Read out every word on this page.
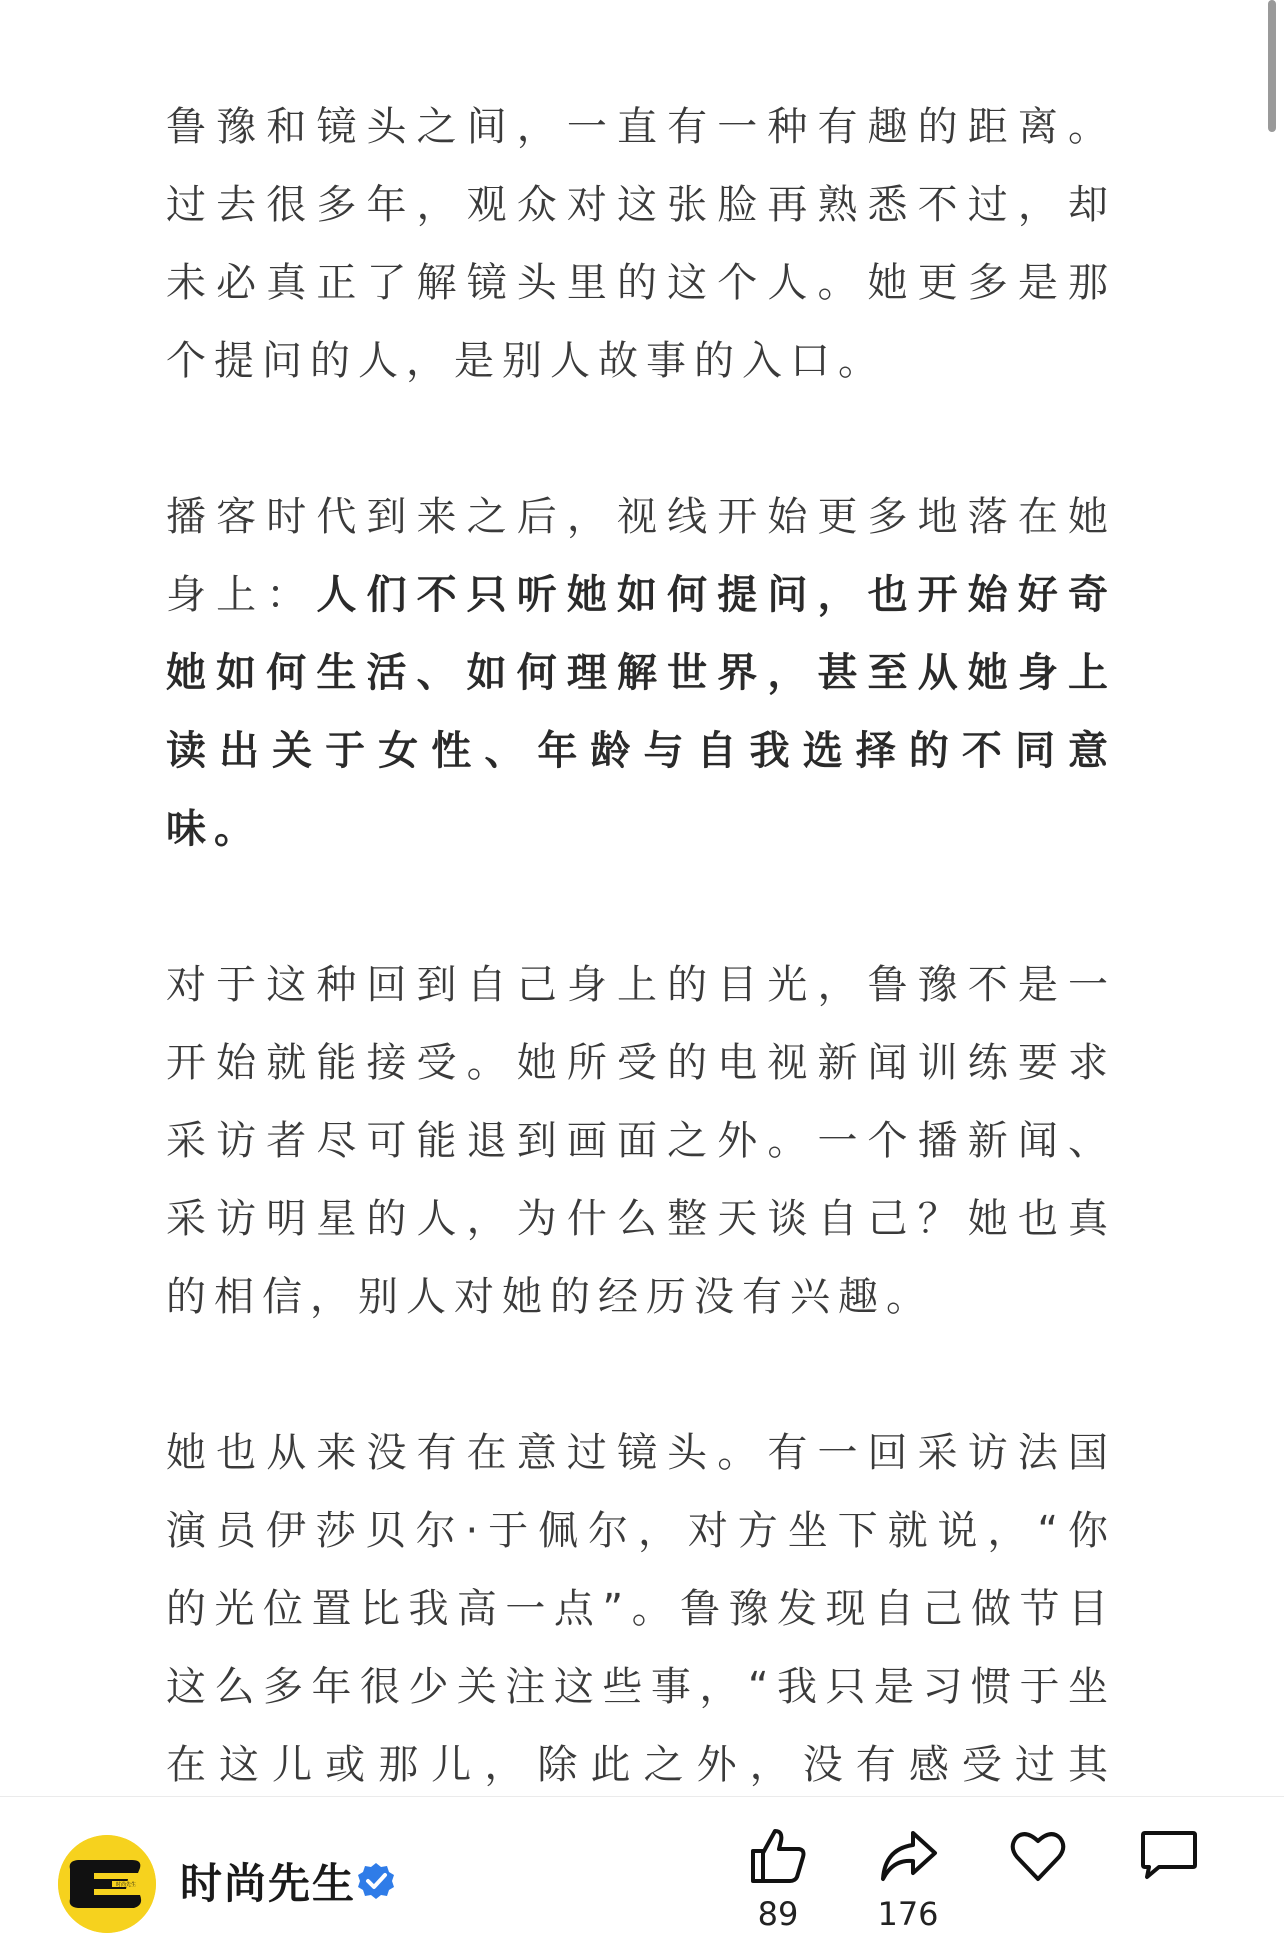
鲁豫和镜头之间，一直有一种有趣的距离。过去很多年，观众对这张脸再熟悉不过，却未必真正了解镜头里的这个人。她更多是那个提问的人，是别人故事的入口。

播客时代到来之后，视线开始更多地落在她身上：人们不只听她如何提问，也开始好奇她如何生活、如何理解世界，甚至从她身上读出关于女性、年龄与自我选择的不同意味。

对于这种回到自己身上的目光，鲁豫不是一开始就能接受。她所受的电视新闻训练要求采访者尽可能退到画面之外。一个播新闻、采访明星的人，为什么整天谈自己？她也真的相信，别人对她的经历没有兴趣。

她也从来没有在意过镜头。有一回采访法国演员伊莎贝尔·于佩尔，对方坐下就说，“你的光位置比我高一点”。鲁豫发现自己做节目这么多年很少关注这些事，“我只是习惯于坐在这儿或那儿，除此之外，没有感受过其

时尚先生 时尚先生
89	176
